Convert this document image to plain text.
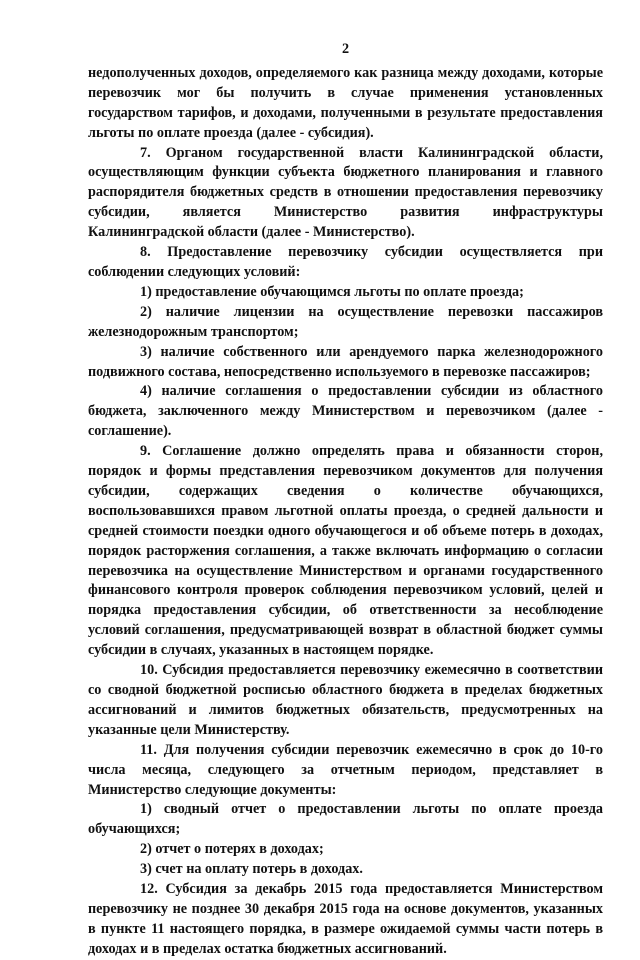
2

недополученных доходов, определяемого как разница между доходами, которые перевозчик мог бы получить в случае применения установленных государством тарифов, и доходами, полученными в результате предоставления льготы по оплате проезда (далее - субсидия).

7. Органом государственной власти Калининградской области, осуществляющим функции субъекта бюджетного планирования и главного распорядителя бюджетных средств в отношении предоставления перевозчику субсидии, является Министерство развития инфраструктуры Калининградской области (далее - Министерство).

8. Предоставление перевозчику субсидии осуществляется при соблюдении следующих условий:

1) предоставление обучающимся льготы по оплате проезда;

2) наличие лицензии на осуществление перевозки пассажиров железнодорожным транспортом;

3) наличие собственного или арендуемого парка железнодорожного подвижного состава, непосредственно используемого в перевозке пассажиров;

4) наличие соглашения о предоставлении субсидии из областного бюджета, заключенного между Министерством и перевозчиком (далее - соглашение).

9. Соглашение должно определять права и обязанности сторон, порядок и формы представления перевозчиком документов для получения субсидии, содержащих сведения о количестве обучающихся, воспользовавшихся правом льготной оплаты проезда, о средней дальности и средней стоимости поездки одного обучающегося и об объеме потерь в доходах, порядок расторжения соглашения, а также включать информацию о согласии перевозчика на осуществление Министерством и органами государственного финансового контроля проверок соблюдения перевозчиком условий, целей и порядка предоставления субсидии, об ответственности за несоблюдение условий соглашения, предусматривающей возврат в областной бюджет суммы субсидии в случаях, указанных в настоящем порядке.

10. Субсидия предоставляется перевозчику ежемесячно в соответствии со сводной бюджетной росписью областного бюджета в пределах бюджетных ассигнований и лимитов бюджетных обязательств, предусмотренных на указанные цели Министерству.

11. Для получения субсидии перевозчик ежемесячно в срок до 10-го числа месяца, следующего за отчетным периодом, представляет в Министерство следующие документы:

1) сводный отчет о предоставлении льготы по оплате проезда обучающихся;

2) отчет о потерях в доходах;

3) счет на оплату потерь в доходах.

12. Субсидия за декабрь 2015 года предоставляется Министерством перевозчику не позднее 30 декабря 2015 года на основе документов, указанных в пункте 11 настоящего порядка, в размере ожидаемой суммы части потерь в доходах и в пределах остатка бюджетных ассигнований.
